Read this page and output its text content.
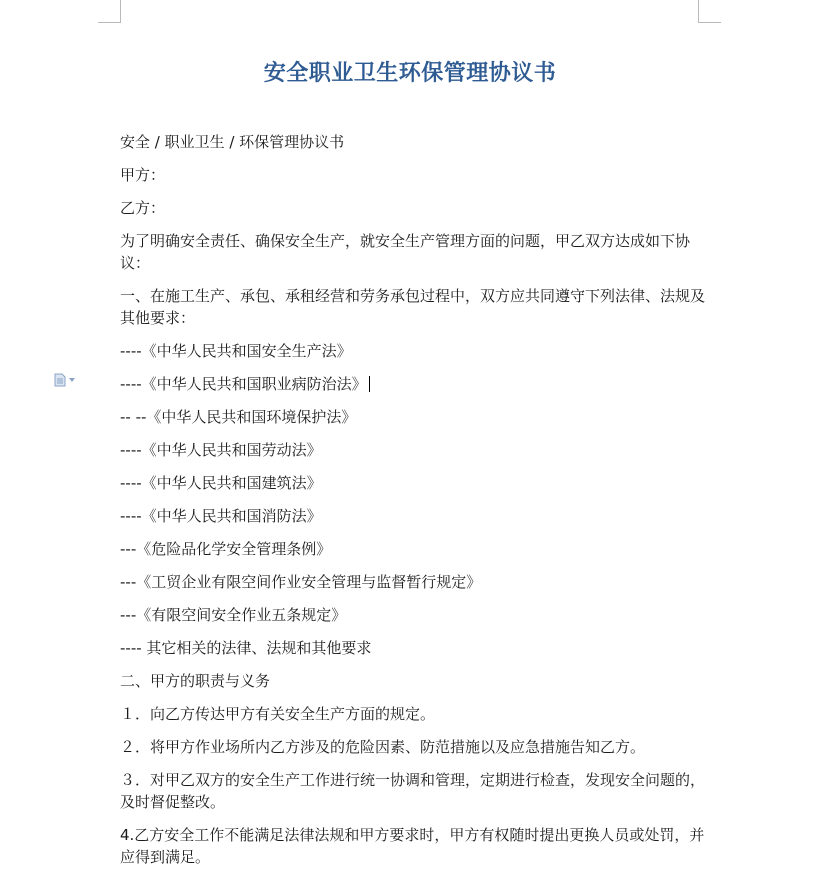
安全职业卫生环保管理协议书

安全 / 职业卫生 / 环保管理协议书

甲方：

乙方：

为了明确安全责任、确保安全生产，就安全生产管理方面的问题，甲乙双方达成如下协议：

一、在施工生产、承包、承租经营和劳务承包过程中，双方应共同遵守下列法律、法规及其他要求：

----《中华人民共和国安全生产法》

----《中华人民共和国职业病防治法》

-- --《中华人民共和国环境保护法》

----《中华人民共和国劳动法》

----《中华人民共和国建筑法》

----《中华人民共和国消防法》

---《危险品化学安全管理条例》

---《工贸企业有限空间作业安全管理与监督暂行规定》

---《有限空间安全作业五条规定》

---- 其它相关的法律、法规和其他要求

二、甲方的职责与义务

１．向乙方传达甲方有关安全生产方面的规定。

２．将甲方作业场所内乙方涉及的危险因素、防范措施以及应急措施告知乙方。

３．对甲乙双方的安全生产工作进行统一协调和管理，定期进行检查，发现安全问题的，及时督促整改。

4.乙方安全工作不能满足法律法规和甲方要求时，甲方有权随时提出更换人员或处罚，并应得到满足。
